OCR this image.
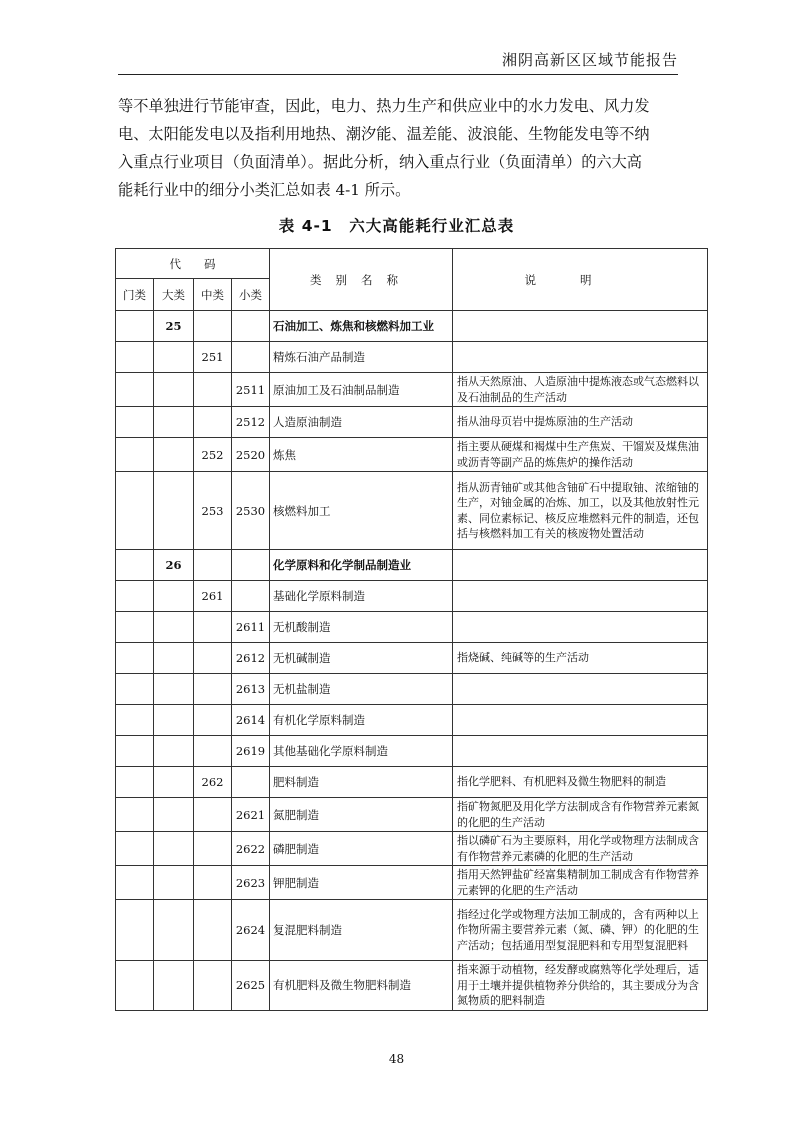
湘阴高新区区域节能报告

等不单独进行节能审查，因此，电力、热力生产和供应业中的水力发电、风力发

电、太阳能发电以及指利用地热、潮汐能、温差能、波浪能、生物能发电等不纳

入重点行业项目（负面清单）。据此分析，纳入重点行业（负面清单）的六大高

能耗行业中的细分小类汇总如表 4-1 所示。

表 4-1　六大高能耗行业汇总表
代　　码				类别名称	说明
门类	大类	中类	小类		
	25			石油加工、炼焦和核燃料加工业	
		251		精炼石油产品制造	
			2511	原油加工及石油制品制造	指从天然原油、人造原油中提炼液态或气态燃料以及石油制品的生产活动
			2512	人造原油制造	指从油母页岩中提炼原油的生产活动
		252	2520	炼焦	指主要从硬煤和褐煤中生产焦炭、干馏炭及煤焦油或沥青等副产品的炼焦炉的操作活动
		253	2530	核燃料加工	指从沥青铀矿或其他含铀矿石中提取铀、浓缩铀的生产，对铀金属的冶炼、加工，以及其他放射性元素、同位素标记、核反应堆燃料元件的制造，还包括与核燃料加工有关的核废物处置活动
	26			化学原料和化学制品制造业	
		261		基础化学原料制造	
			2611	无机酸制造	
			2612	无机碱制造	指烧碱、纯碱等的生产活动
			2613	无机盐制造	
			2614	有机化学原料制造	
			2619	其他基础化学原料制造	
		262		肥料制造	指化学肥料、有机肥料及微生物肥料的制造
			2621	氮肥制造	指矿物氮肥及用化学方法制成含有作物营养元素氮的化肥的生产活动
			2622	磷肥制造	指以磷矿石为主要原料，用化学或物理方法制成含有作物营养元素磷的化肥的生产活动
			2623	钾肥制造	指用天然钾盐矿经富集精制加工制成含有作物营养元素钾的化肥的生产活动
			2624	复混肥料制造	指经过化学或物理方法加工制成的，含有两种以上作物所需主要营养元素（氮、磷、钾）的化肥的生产活动；包括通用型复混肥料和专用型复混肥料
			2625	有机肥料及微生物肥料制造	指来源于动植物，经发酵或腐熟等化学处理后，适用于土壤并提供植物养分供给的，其主要成分为含氮物质的肥料制造
48
